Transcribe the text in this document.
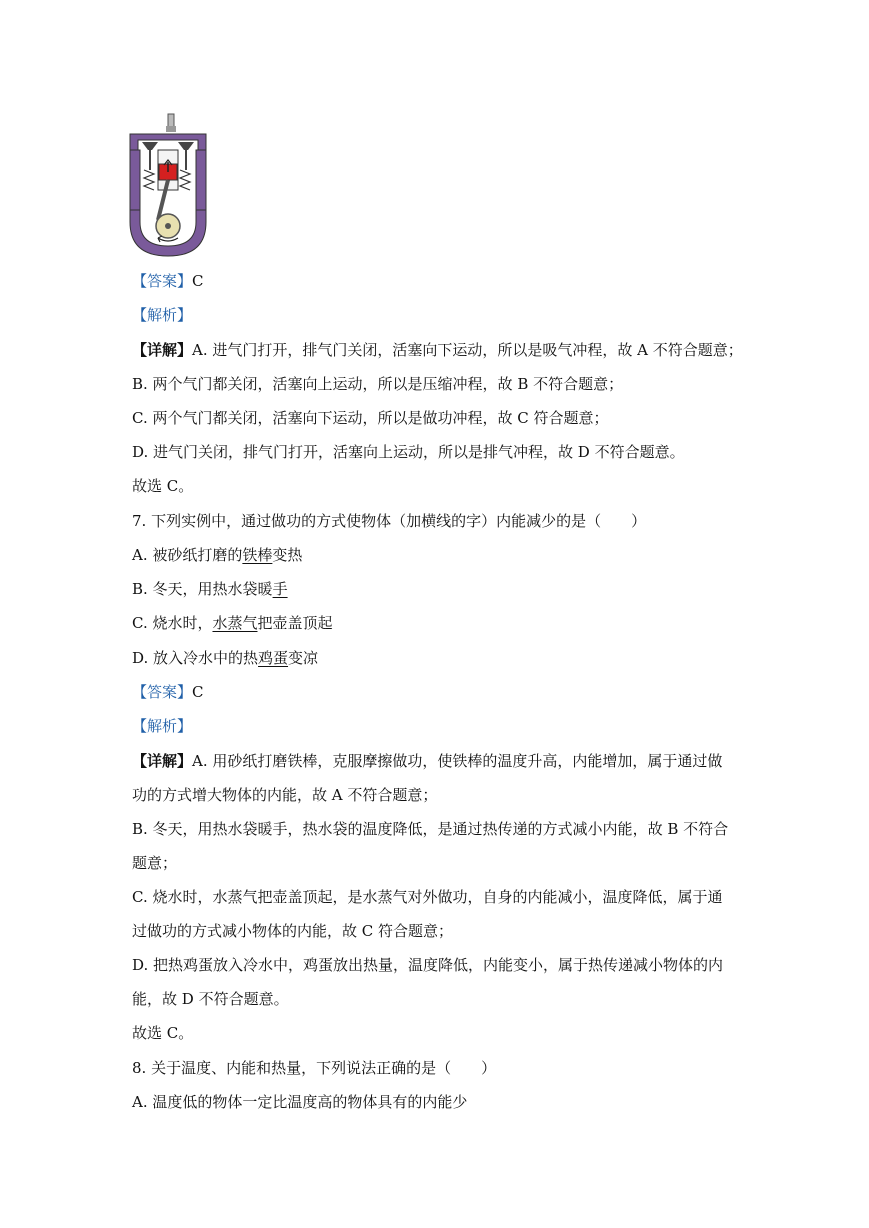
【答案】C
【解析】
【详解】A. 进气门打开，排气门关闭，活塞向下运动，所以是吸气冲程，故 A 不符合题意；
B. 两个气门都关闭，活塞向上运动，所以是压缩冲程，故 B 不符合题意；
C. 两个气门都关闭，活塞向下运动，所以是做功冲程，故 C 符合题意；
D. 进气门关闭，排气门打开，活塞向上运动，所以是排气冲程，故 D 不符合题意。
故选 C。
7. 下列实例中，通过做功的方式使物体（加横线的字）内能减少的是（　　）
A. 被砂纸打磨的铁棒变热
B. 冬天，用热水袋暖手
C. 烧水时，水蒸气把壶盖顶起
D. 放入冷水中的热鸡蛋变凉
【答案】C
【解析】
【详解】A. 用砂纸打磨铁棒，克服摩擦做功，使铁棒的温度升高，内能增加，属于通过做
功的方式增大物体的内能，故 A 不符合题意；
B. 冬天，用热水袋暖手，热水袋的温度降低，是通过热传递的方式减小内能，故 B 不符合
题意；
C. 烧水时，水蒸气把壶盖顶起，是水蒸气对外做功，自身的内能减小，温度降低，属于通
过做功的方式减小物体的内能，故 C 符合题意；
D. 把热鸡蛋放入冷水中，鸡蛋放出热量，温度降低，内能变小，属于热传递减小物体的内
能，故 D 不符合题意。
故选 C。
8. 关于温度、内能和热量，下列说法正确的是（　　）
A. 温度低的物体一定比温度高的物体具有的内能少
